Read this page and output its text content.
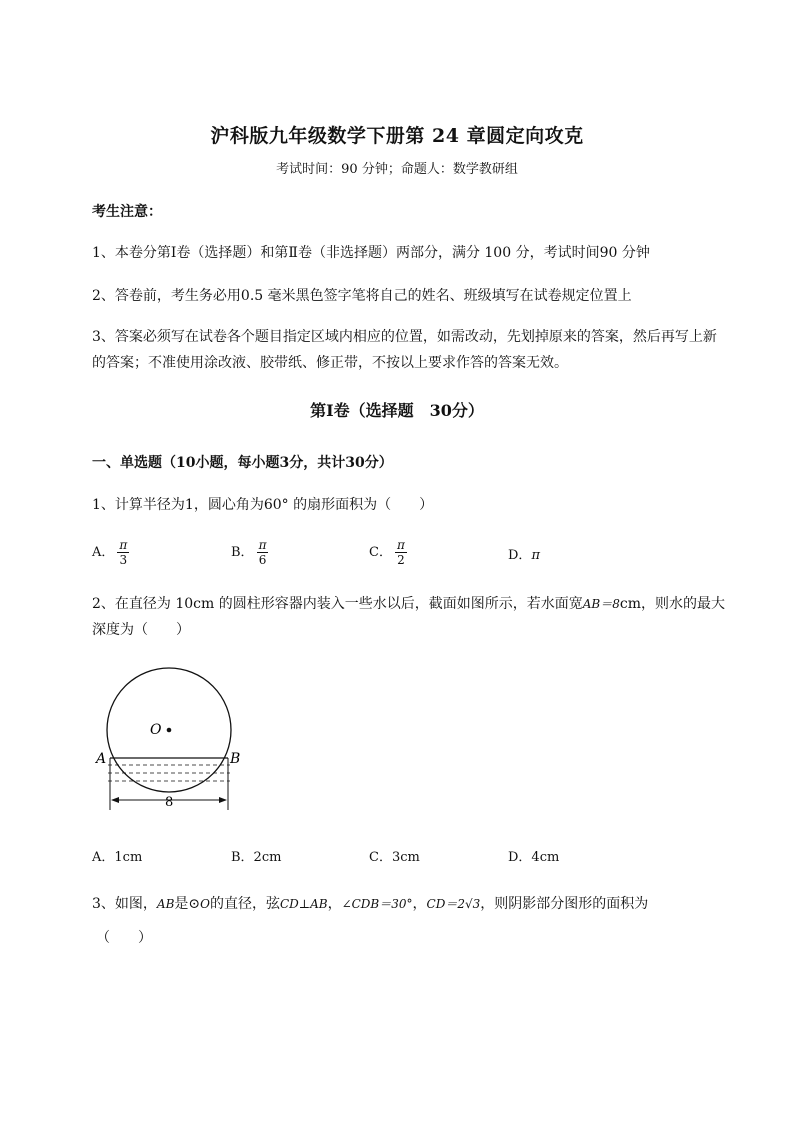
沪科版九年级数学下册第 24 章圆定向攻克
考试时间：90 分钟；命题人：数学教研组
考生注意：
1、本卷分第Ⅰ卷（选择题）和第Ⅱ卷（非选择题）两部分，满分 100 分，考试时间90 分钟
2、答卷前，考生务必用0.5 毫米黑色签字笔将自己的姓名、班级填写在试卷规定位置上
3、答案必须写在试卷各个题目指定区域内相应的位置，如需改动，先划掉原来的答案，然后再写上新
的答案；不准使用涂改液、胶带纸、修正带，不按以上要求作答的答案无效。
第Ⅰ卷（选择题　30分）
一、单选题（10小题，每小题3分，共计30分）
1、计算半径为1，圆心角为60° 的扇形面积为（　　）
A． $\frac{\pi}{3}$	B． $\frac{\pi}{6}$	C． $\frac{\pi}{2}$	D．π
2、在直径为 10cm 的圆柱形容器内装入一些水以后，截面如图所示，若水面宽AB＝8cm，则水的最大
深度为（　　）
O
A	B
8
A．1cm	B．2cm	C．3cm	D．4cm
3、如图，AB是⊙O的直径，弦CD⊥AB，∠CDB＝30°，CD＝2√3，则阴影部分图形的面积为
（　　）
